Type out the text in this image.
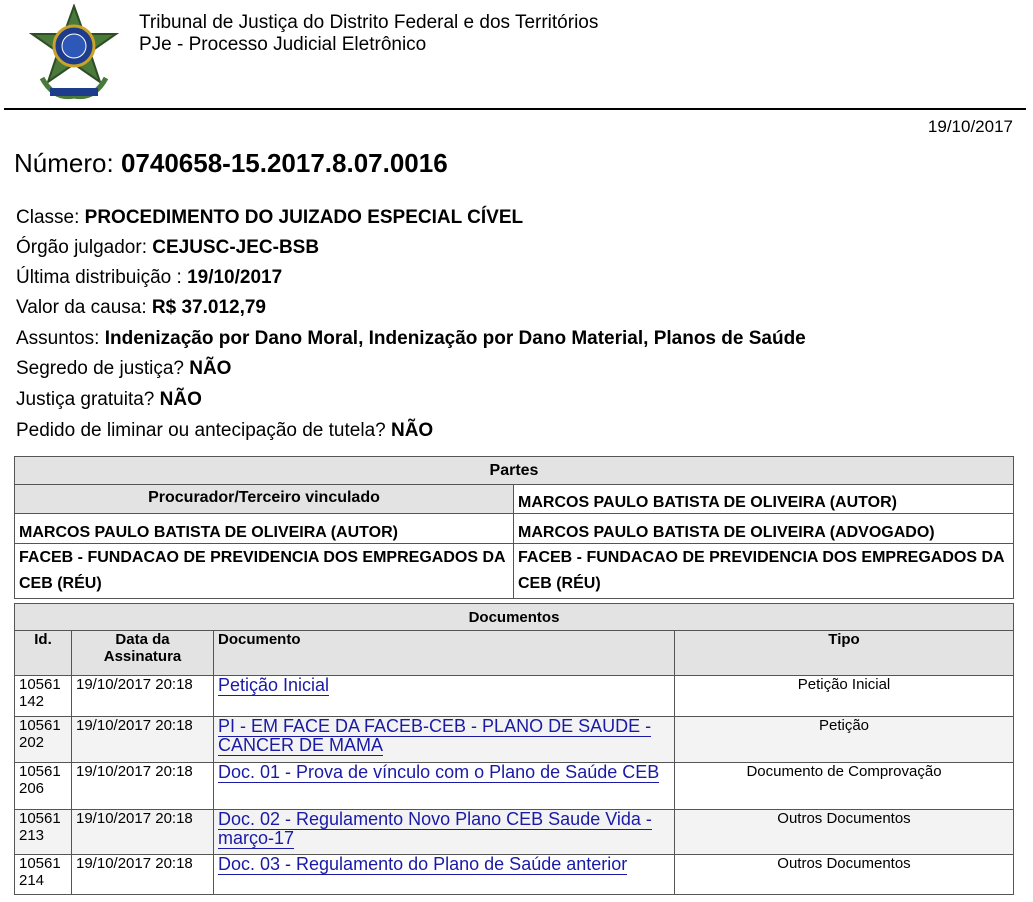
Tribunal de Justiça do Distrito Federal e dos Territórios
PJe - Processo Judicial Eletrônico
19/10/2017
Número: 0740658-15.2017.8.07.0016
Classe: PROCEDIMENTO DO JUIZADO ESPECIAL CÍVEL
Órgão julgador: CEJUSC-JEC-BSB
Última distribuição : 19/10/2017
Valor da causa: R$ 37.012,79
Assuntos: Indenização por Dano Moral, Indenização por Dano Material, Planos de Saúde
Segredo de justiça? NÃO
Justiça gratuita? NÃO
Pedido de liminar ou antecipação de tutela? NÃO
Partes	
Procurador/Terceiro vinculado	MARCOS PAULO BATISTA DE OLIVEIRA (AUTOR)
MARCOS PAULO BATISTA DE OLIVEIRA (AUTOR)	MARCOS PAULO BATISTA DE OLIVEIRA (ADVOGADO)
FACEB - FUNDACAO DE PREVIDENCIA DOS EMPREGADOS DA CEB (RÉU)	FACEB - FUNDACAO DE PREVIDENCIA DOS EMPREGADOS DA CEB (RÉU)
Documentos			
Id.	Data da Assinatura	Documento	Tipo
10561 142	19/10/2017 20:18	Petição Inicial	Petição Inicial
10561 202	19/10/2017 20:18	PI - EM FACE DA FACEB-CEB - PLANO DE SAUDE - CANCER DE MAMA	Petição
10561 206	19/10/2017 20:18	Doc. 01 - Prova de vínculo com o Plano de Saúde CEB	Documento de Comprovação
10561 213	19/10/2017 20:18	Doc. 02 - Regulamento Novo Plano CEB Saude Vida - março-17	Outros Documentos
10561 214	19/10/2017 20:18	Doc. 03 - Regulamento do Plano de Saúde anterior	Outros Documentos
